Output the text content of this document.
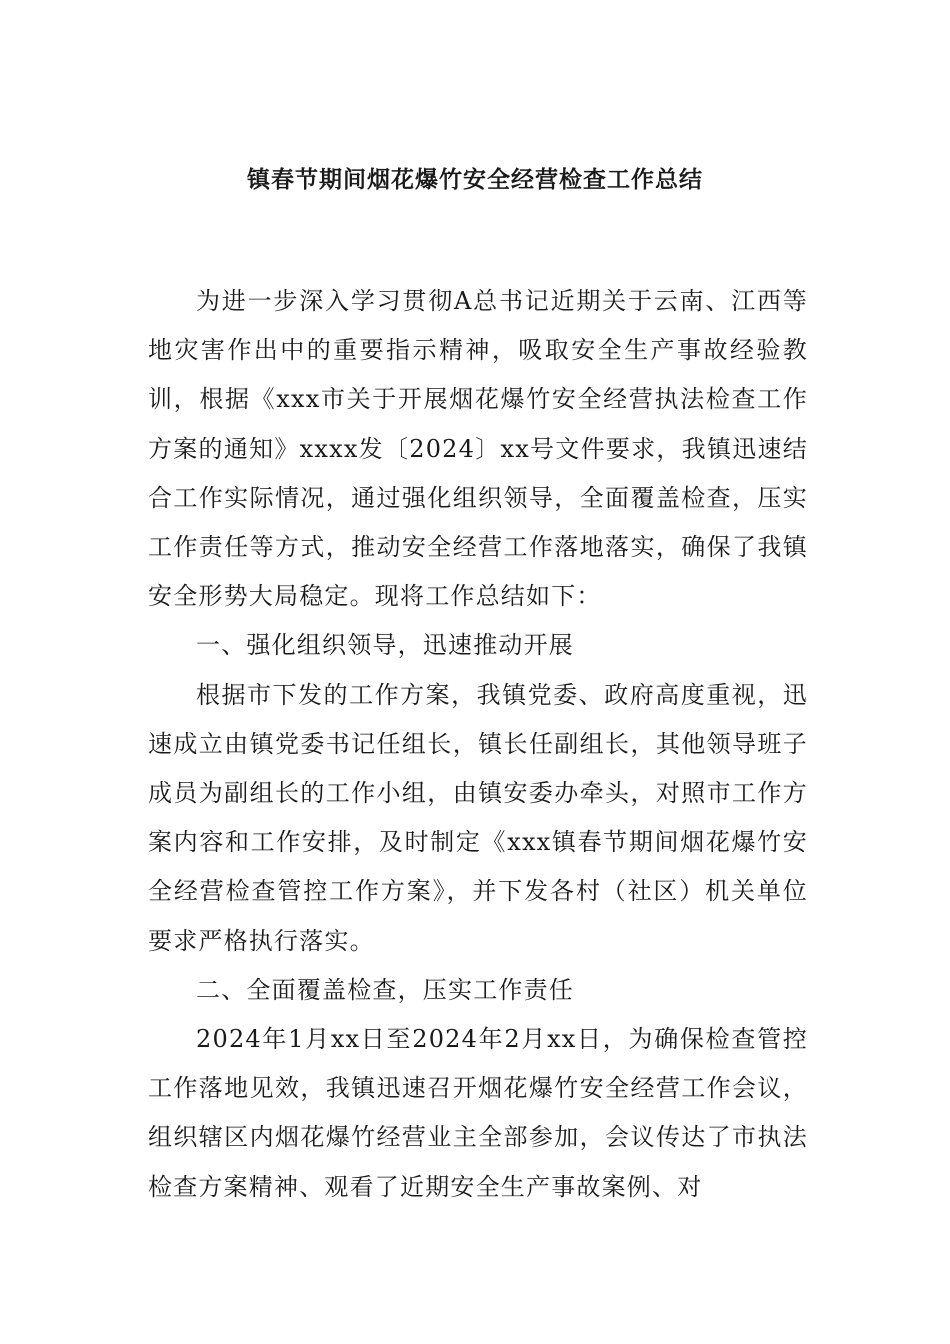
镇春节期间烟花爆竹安全经营检查工作总结

为进一步深入学习贯彻A总书记近期关于云南、江西等地灾害作出中的重要指示精神，吸取安全生产事故经验教训，根据《xxx市关于开展烟花爆竹安全经营执法检查工作方案的通知》xxxx发〔2024〕xx号文件要求，我镇迅速结合工作实际情况，通过强化组织领导，全面覆盖检查，压实工作责任等方式，推动安全经营工作落地落实，确保了我镇安全形势大局稳定。现将工作总结如下：

一、强化组织领导，迅速推动开展

根据市下发的工作方案，我镇党委、政府高度重视，迅速成立由镇党委书记任组长，镇长任副组长，其他领导班子成员为副组长的工作小组，由镇安委办牵头，对照市工作方案内容和工作安排，及时制定《xxx镇春节期间烟花爆竹安全经营检查管控工作方案》，并下发各村（社区）机关单位要求严格执行落实。

二、全面覆盖检查，压实工作责任

2024年1月xx日至2024年2月xx日，为确保检查管控工作落地见效，我镇迅速召开烟花爆竹安全经营工作会议，组织辖区内烟花爆竹经营业主全部参加，会议传达了市执法检查方案精神、观看了近期安全生产事故案例、对
